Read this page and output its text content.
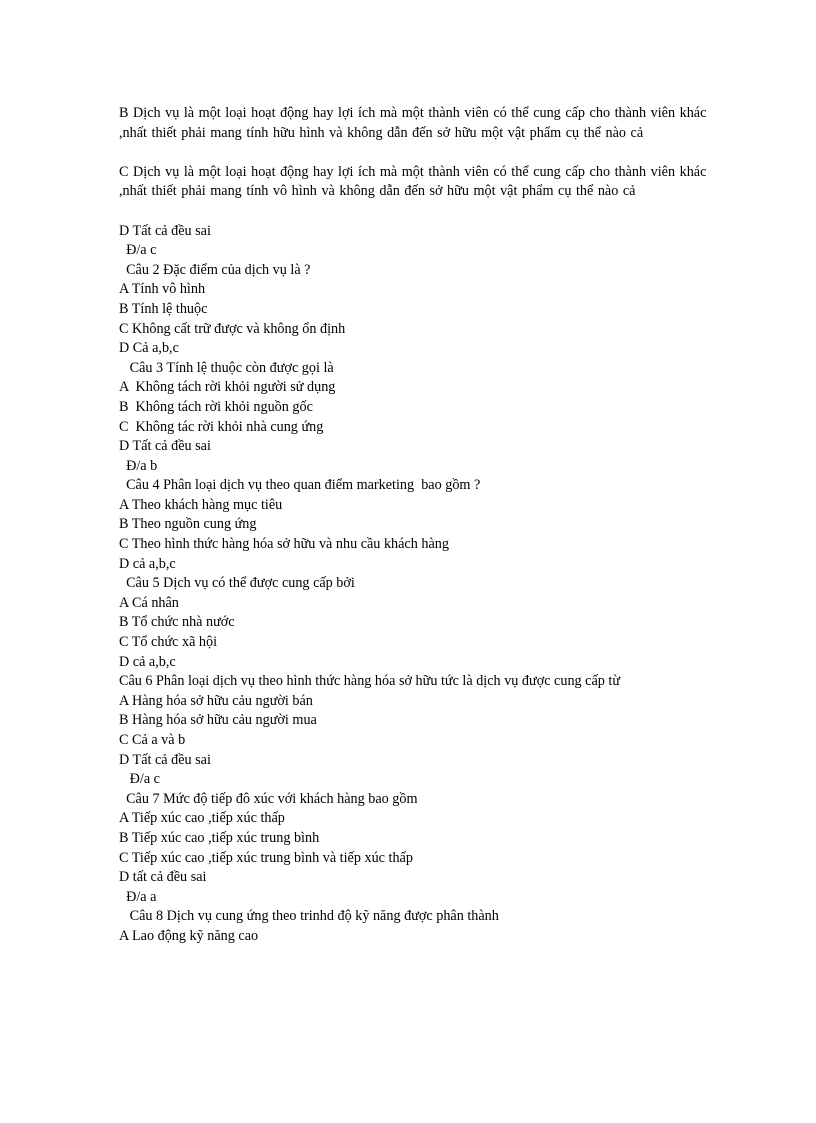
B Dịch vụ là một loại hoạt động hay lợi ích mà một thành viên có thể cung cấp cho thành viên khác ,nhất thiết phải mang tính hữu hình và không dẫn đến sở hữu một vật phẩm cụ thể nào cả

C Dịch vụ là một loại hoạt động hay lợi ích mà một thành viên có thể cung cấp cho thành viên khác ,nhất thiết phải mang tính vô hình và không dẫn đến sở hữu một vật phẩm cụ thể nào cả

D Tất cả đều sai

Đ/a c

Câu 2 Đặc điểm của dịch vụ là ?

A Tính vô hình

B Tính lệ thuộc

C Không cất trữ được và không ổn định

D Cả a,b,c

Câu 3 Tính lệ thuộc còn được gọi là

A  Không tách rời khỏi người sử dụng

B  Không tách rời khỏi nguồn gốc

C  Không tác rời khỏi nhà cung ứng

D Tất cả đều sai

Đ/a b

Câu 4 Phân loại dịch vụ theo quan điểm marketing  bao gồm ?

A Theo khách hàng mục tiêu

B Theo nguồn cung ứng

C Theo hình thức hàng hóa sở hữu và nhu cầu khách hàng

D cả a,b,c

Câu 5 Dịch vụ có thể được cung cấp bởi

A Cá nhân

B Tổ chức nhà nước

C Tổ chức xã hội

D cả a,b,c

Câu 6 Phân loại dịch vụ theo hình thức hàng hóa sở hữu tức là dịch vụ được cung cấp từ

A Hàng hóa sở hữu cảu người bán

B Hàng hóa sở hữu cảu người mua

C Cả a và b

D Tất cả đều sai

Đ/a c

Câu 7 Mức độ tiếp đô xúc với khách hàng bao gồm

A Tiếp xúc cao ,tiếp xúc thấp

B Tiếp xúc cao ,tiếp xúc trung bình

C Tiếp xúc cao ,tiếp xúc trung bình và tiếp xúc thấp

D tất cả đều sai

Đ/a a

Câu 8 Dịch vụ cung ứng theo trinhd độ kỹ năng được phân thành

A Lao động kỹ năng cao
